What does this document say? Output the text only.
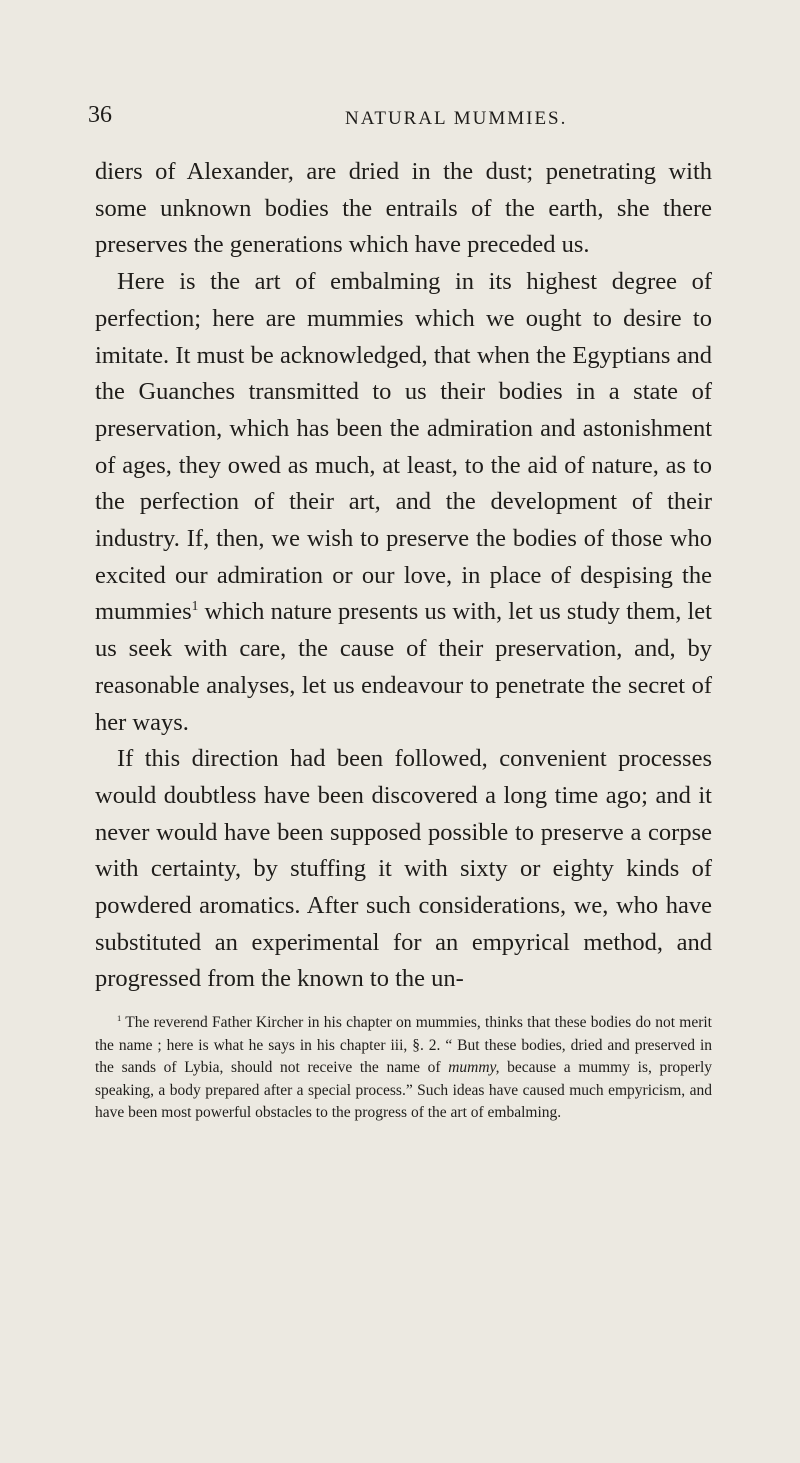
36	NATURAL MUMMIES.

diers of Alexander, are dried in the dust; penetrating with some unknown bodies the entrails of the earth, she there preserves the generations which have preceded us.

Here is the art of embalming in its highest degree of perfection; here are mummies which we ought to desire to imitate. It must be acknowledged, that when the Egyptians and the Guanches transmitted to us their bodies in a state of preservation, which has been the admiration and astonishment of ages, they owed as much, at least, to the aid of nature, as to the perfection of their art, and the development of their industry. If, then, we wish to preserve the bodies of those who excited our admiration or our love, in place of despising the mummies$^1$ which nature presents us with, let us study them, let us seek with care, the cause of their preservation, and, by reasonable analyses, let us endeavour to penetrate the secret of her ways.

If this direction had been followed, convenient processes would doubtless have been discovered a long time ago; and it never would have been supposed possible to preserve a corpse with certainty, by stuffing it with sixty or eighty kinds of powdered aromatics. After such considerations, we, who have substituted an experimental for an empyrical method, and progressed from the known to the un-

$^1$ The reverend Father Kircher in his chapter on mummies, thinks that these bodies do not merit the name ; here is what he says in his chapter iii, §. 2. “ But these bodies, dried and preserved in the sands of Lybia, should not receive the name of mummy, because a mummy is, properly speaking, a body prepared after a special process.” Such ideas have caused much empyricism, and have been most powerful obstacles to the progress of the art of embalming.
